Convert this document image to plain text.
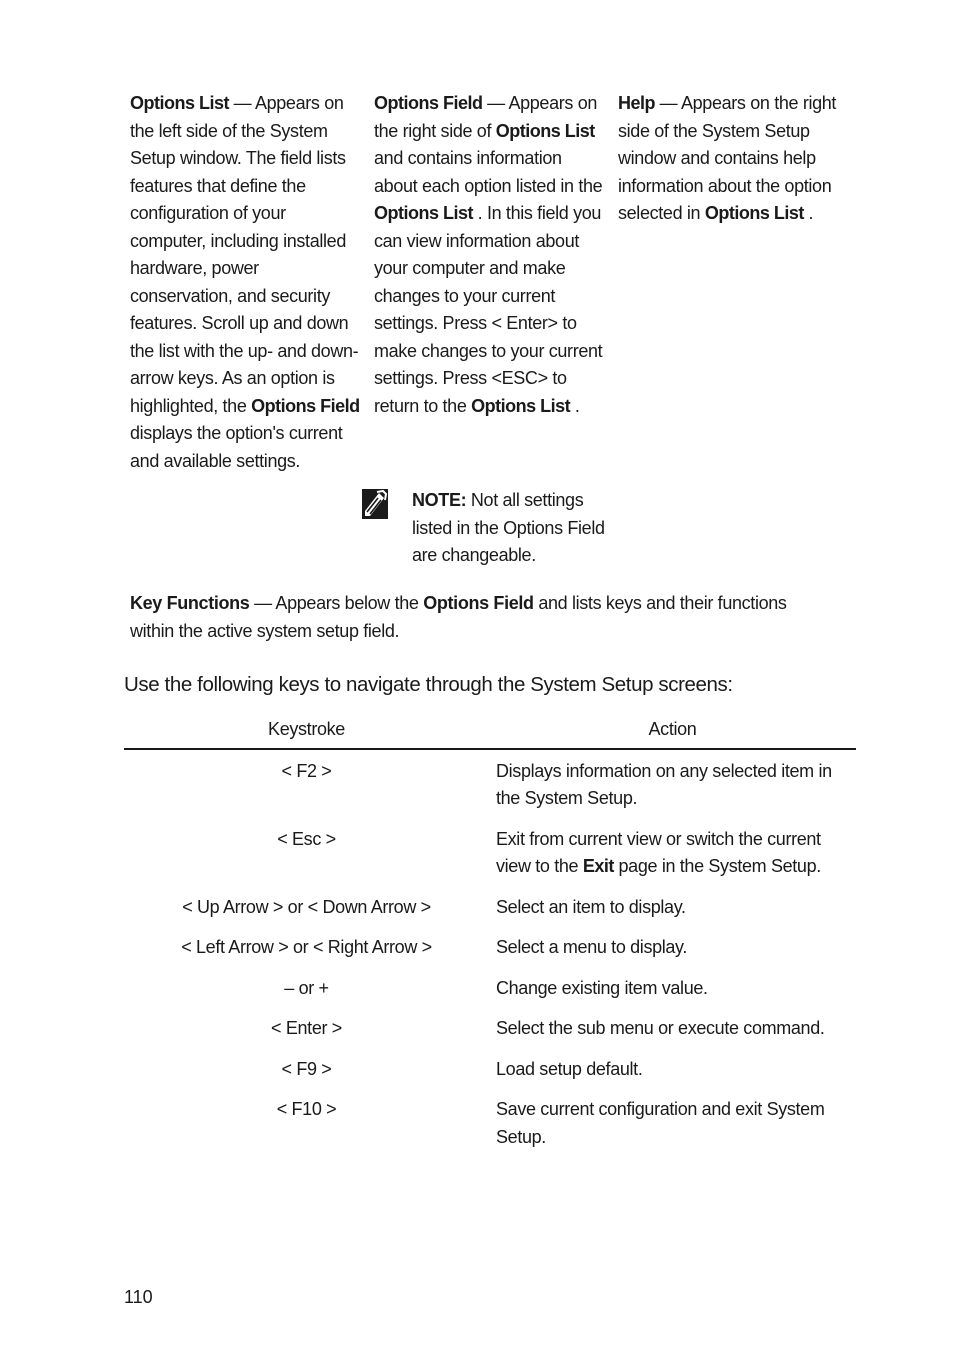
Options List — Appears on the left side of the System Setup window. The field lists features that define the configuration of your computer, including installed hardware, power conservation, and security features. Scroll up and down the list with the up- and down-arrow keys. As an option is highlighted, the Options Field displays the option's current and available settings.
Options Field — Appears on the right side of Options List and contains information about each option listed in the Options List . In this field you can view information about your computer and make changes to your current settings. Press < Enter> to make changes to your current settings. Press <ESC> to return to the Options List .
Help — Appears on the right side of the System Setup window and contains help information about the option selected in Options List .
NOTE: Not all settings listed in the Options Field are changeable.
Key Functions — Appears below the Options Field and lists keys and their functions within the active system setup field.
Use the following keys to navigate through the System Setup screens:
Keystroke	Action
< F2 >	Displays information on any selected item in the System Setup.
< Esc >	Exit from current view or switch the current view to the Exit page in the System Setup.
< Up Arrow > or < Down Arrow >	Select an item to display.
< Left Arrow > or < Right Arrow >	Select a menu to display.
– or +	Change existing item value.
< Enter >	Select the sub menu or execute command.
< F9 >	Load setup default.
< F10 >	Save current configuration and exit System Setup.
110
